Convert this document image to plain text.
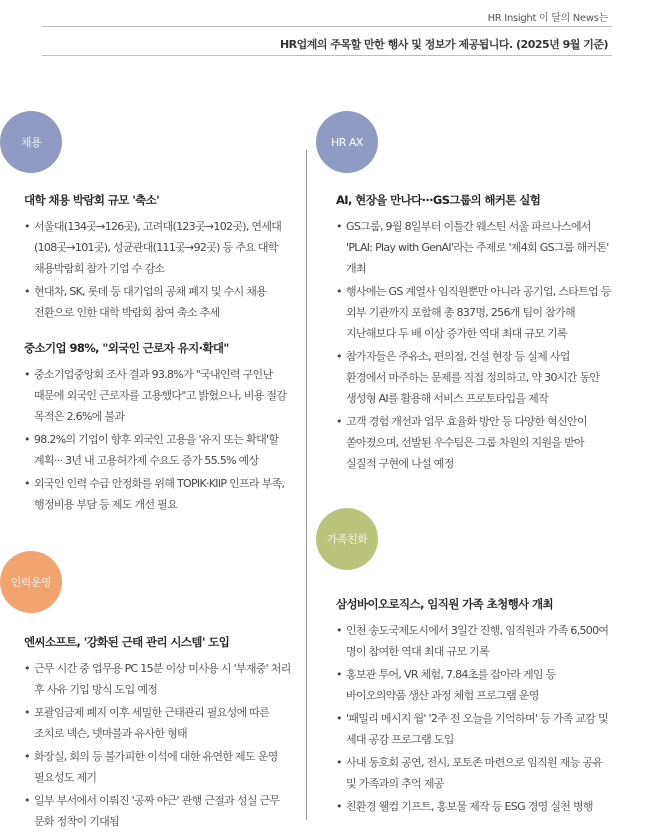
HR Insight 이 달의 News는
HR업계의 주목할 만한 행사 및 정보가 제공됩니다. (2025년 9월 기준)
채용
대학 채용 박람회 규모 '축소'
• 서울대(134곳→126곳), 고려대(123곳→102곳), 연세대(108곳→101곳), 성균관대(111곳→92곳) 등 주요 대학 채용박람회 참가 기업 수 감소
• 현대차, SK, 롯데 등 대기업의 공채 폐지 및 수시 채용 전환으로 인한 대학 박람회 참여 축소 추세
중소기업 98%, "외국인 근로자 유지·확대"
• 중소기업중앙회 조사 결과 93.8%가 "국내인력 구인난 때문에 외국인 근로자를 고용했다"고 밝혔으나, 비용 절감 목적은 2.6%에 불과
• 98.2%의 기업이 향후 외국인 고용을 '유지 또는 확대'할 계획··· 3년 내 고용허가제 수요도 증가 55.5% 예상
• 외국인 인력 수급 안정화를 위해 TOPIK·KIIP 인프라 부족, 행정비용 부담 등 제도 개선 필요
인력운영
엔씨소프트, '강화된 근태 관리 시스템' 도입
• 근무 시간 중 업무용 PC 15분 이상 미사용 시 '부재중' 처리 후 사유 기입 방식 도입 예정
• 포괄임금제 폐지 이후 세밀한 근태관리 필요성에 따른 조치로 넥슨, 넷마블과 유사한 형태
• 화장실, 회의 등 불가피한 이석에 대한 유연한 제도 운영 필요성도 제기
• 일부 부서에서 이뤄진 '공짜 야근' 관행 근절과 성실 근무 문화 정착이 기대됨
HR AX
AI, 현장을 만나다···GS그룹의 해커톤 실험
• GS그룹, 9월 8일부터 이틀간 웨스틴 서울 파르나스에서 'PLAI: Play with GenAI'라는 주제로 '제4회 GS그룹 해커톤' 개최
• 행사에는 GS 계열사 임직원뿐만 아니라 공기업, 스타트업 등 외부 기관까지 포함해 총 837명, 256개 팀이 참가해 지난해보다 두 배 이상 증가한 역대 최대 규모 기록
• 참가자들은 주유소, 편의점, 건설 현장 등 실제 사업 환경에서 마주하는 문제를 직접 정의하고, 약 30시간 동안 생성형 AI를 활용해 서비스 프로토타입을 제작
• 고객 경험 개선과 업무 효율화 방안 등 다양한 혁신안이 쏟아졌으며, 선발된 우수팀은 그룹 차원의 지원을 받아 실질적 구현에 나설 예정
가족친화
삼성바이오로직스, 임직원 가족 초청행사 개최
• 인천 송도국제도시에서 3일간 진행, 임직원과 가족 6,500여 명이 참여한 역대 최대 규모 기록
• 홍보관 투어, VR 체험, 7.84초를 잡아라 게임 등 바이오의약품 생산 과정 체험 프로그램 운영
• '패밀리 메시지 월' '2주 전 오늘을 기억하며' 등 가족 교감 및 세대 공감 프로그램 도입
• 사내 동호회 공연, 전시, 포토존 마련으로 임직원 재능 공유 및 가족과의 추억 제공
• 친환경 웰컴 기프트, 홍보물 제작 등 ESG 경영 실천 병행
